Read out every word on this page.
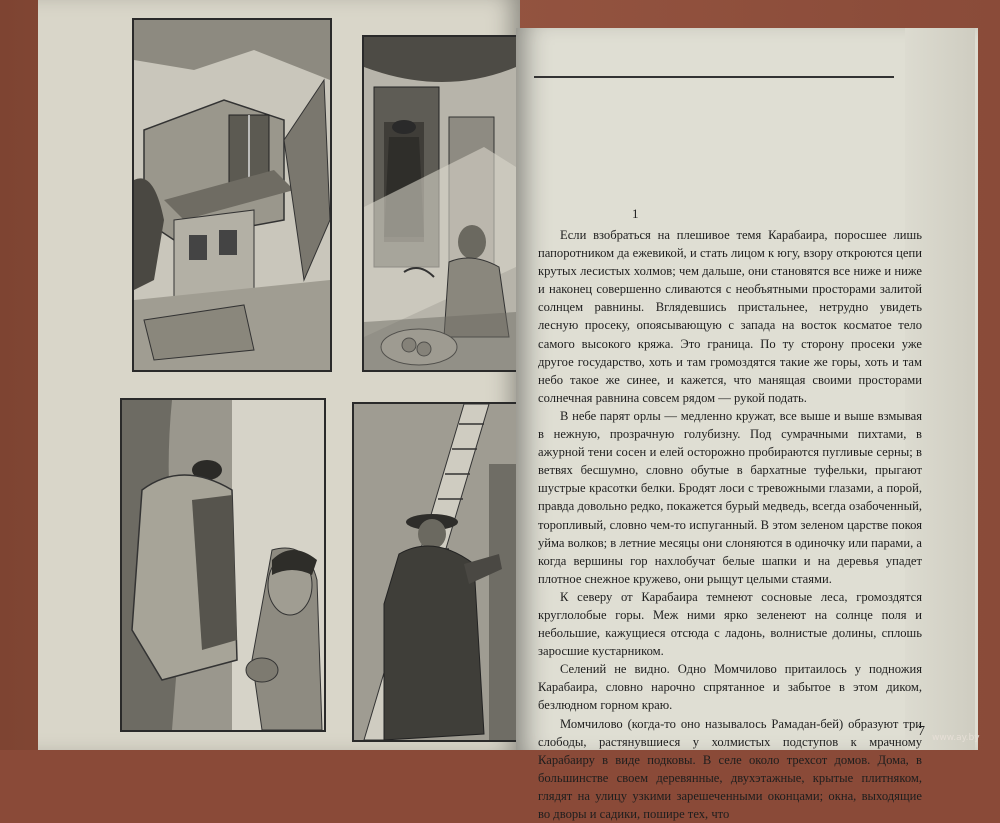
1

Если взобраться на плешивое темя Карабаира, поросшее лишь папоротником да ежевикой, и стать лицом к югу, взору откроются цепи крутых лесистых холмов; чем дальше, они становятся все ниже и ниже и наконец совершенно сливаются с необъятными просторами залитой солнцем равнины. Вглядевшись пристальнее, нетрудно увидеть лесную просеку, опоясывающую с запада на восток косматое тело самого высокого кряжа. Это граница. По ту сторону просеки уже другое государство, хоть и там громоздятся такие же горы, хоть и там небо такое же синее, и кажется, что манящая своими просторами солнечная равнина совсем рядом — рукой подать.

В небе парят орлы — медленно кружат, все выше и выше взмывая в нежную, прозрачную голубизну. Под сумрачными пихтами, в ажурной тени сосен и елей осторожно пробираются пугливые серны; в ветвях бесшумно, словно обутые в бархатные туфельки, прыгают шустрые красотки белки. Бродят лоси с тревожными глазами, а порой, правда довольно редко, покажется бурый медведь, всегда озабоченный, торопливый, словно чем-то испуганный. В этом зеленом царстве покоя уйма волков; в летние месяцы они слоняются в одиночку или парами, а когда вершины гор нахлобучат белые шапки и на деревья упадет плотное снежное кружево, они рыщут целыми стаями.

К северу от Карабаира темнеют сосновые леса, громоздятся круглолобые горы. Меж ними ярко зеленеют на солнце поля и небольшие, кажущиеся отсюда с ладонь, волнистые долины, сплошь заросшие кустарником.

Селений не видно. Одно Момчилово притаилось у подножия Карабаира, словно нарочно спрятанное и забытое в этом диком, безлюдном горном краю.

Момчилово (когда-то оно называлось Рамадан-бей) образуют три слободы, растянувшиеся у холмистых подступов к мрачному Карабаиру в виде подковы. В селе около трехсот домов. Дома, в большинстве своем деревянные, двухэтажные, крытые плитняком, глядят на улицу узкими зарешеченными оконцами; окна, выходящие во дворы и садики, пошире тех, что

7 www.ay.by
